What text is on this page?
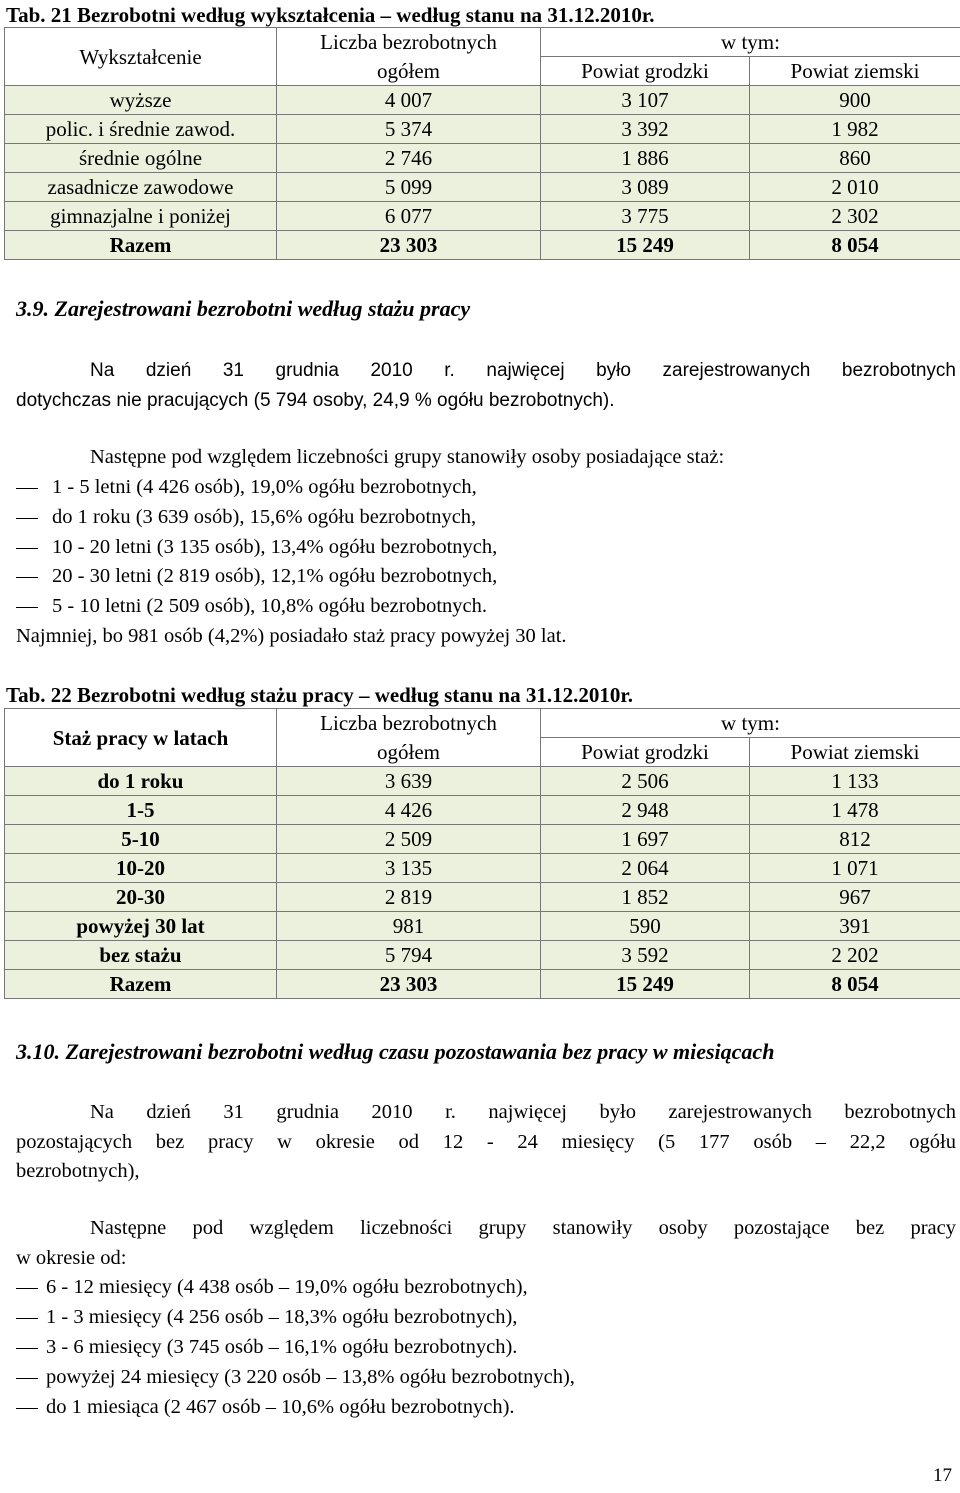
Tab. 21 Bezrobotni według wykształcenia – według stanu na 31.12.2010r.
Wykształcenie	Liczba bezrobotnych	w tym:	
	ogółem	Powiat grodzki	Powiat ziemski
wyższe	4 007	3 107	900
polic. i średnie zawod.	5 374	3 392	1 982
średnie ogólne	2 746	1 886	860
zasadnicze zawodowe	5 099	3 089	2 010
gimnazjalne i poniżej	6 077	3 775	2 302
Razem	23 303	15 249	8 054
3.9. Zarejestrowani bezrobotni według stażu pracy

Na dzień 31 grudnia 2010 r. najwięcej było zarejestrowanych bezrobotnych

dotychczas nie pracujących (5 794 osoby, 24,9 % ogółu bezrobotnych).

Następne pod względem liczebności grupy stanowiły osoby posiadające staż:

1 - 5 letni (4 426 osób), 19,0% ogółu bezrobotnych,
do 1 roku (3 639 osób), 15,6% ogółu bezrobotnych,
10 - 20 letni (3 135 osób), 13,4% ogółu bezrobotnych,
20 - 30 letni (2 819 osób), 12,1% ogółu bezrobotnych,
5 - 10 letni (2 509 osób), 10,8% ogółu bezrobotnych.

Najmniej, bo 981 osób (4,2%) posiadało staż pracy powyżej 30 lat.

Tab. 22 Bezrobotni według stażu pracy – według stanu na 31.12.2010r.
Staż pracy w latach	Liczba bezrobotnych	w tym:	
	ogółem	Powiat grodzki	Powiat ziemski
do 1 roku	3 639	2 506	1 133
1-5	4 426	2 948	1 478
5-10	2 509	1 697	812
10-20	3 135	2 064	1 071
20-30	2 819	1 852	967
powyżej 30 lat	981	590	391
bez stażu	5 794	3 592	2 202
Razem	23 303	15 249	8 054
3.10. Zarejestrowani bezrobotni według czasu pozostawania bez pracy w miesiącach

Na dzień 31 grudnia 2010 r. najwięcej było zarejestrowanych bezrobotnych

pozostających bez pracy w okresie od 12 - 24 miesięcy (5 177 osób – 22,2 ogółu

bezrobotnych),

Następne pod względem liczebności grupy stanowiły osoby pozostające bez pracy

w okresie od:

6 - 12 miesięcy (4 438 osób – 19,0% ogółu bezrobotnych),
1 - 3 miesięcy (4 256 osób – 18,3% ogółu bezrobotnych),
3 - 6 miesięcy (3 745 osób – 16,1% ogółu bezrobotnych).
powyżej 24 miesięcy (3 220 osób – 13,8% ogółu bezrobotnych),
do 1 miesiąca (2 467 osób – 10,6% ogółu bezrobotnych).
17
